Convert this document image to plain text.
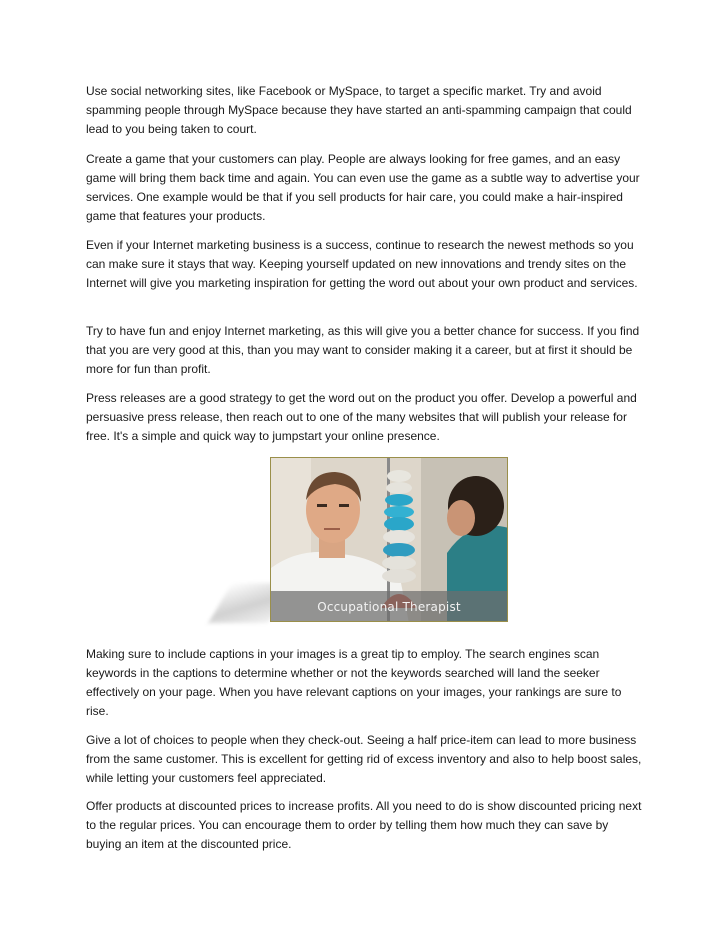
Use social networking sites, like Facebook or MySpace, to target a specific market. Try and avoid spamming people through MySpace because they have started an anti-spamming campaign that could lead to you being taken to court.

Create a game that your customers can play. People are always looking for free games, and an easy game will bring them back time and again. You can even use the game as a subtle way to advertise your services. One example would be that if you sell products for hair care, you could make a hair-inspired game that features your products.

Even if your Internet marketing business is a success, continue to research the newest methods so you can make sure it stays that way. Keeping yourself updated on new innovations and trendy sites on the Internet will give you marketing inspiration for getting the word out about your own product and services.

Try to have fun and enjoy Internet marketing, as this will give you a better chance for success. If you find that you are very good at this, than you may want to consider making it a career, but at first it should be more for fun than profit.

Press releases are a good strategy to get the word out on the product you offer. Develop a powerful and persuasive press release, then reach out to one of the many websites that will publish your release for free. It's a simple and quick way to jumpstart your online presence.

Occupational Therapist

Making sure to include captions in your images is a great tip to employ. The search engines scan keywords in the captions to determine whether or not the keywords searched will land the seeker effectively on your page. When you have relevant captions on your images, your rankings are sure to rise.

Give a lot of choices to people when they check-out. Seeing a half price-item can lead to more business from the same customer. This is excellent for getting rid of excess inventory and also to help boost sales, while letting your customers feel appreciated.

Offer products at discounted prices to increase profits. All you need to do is show discounted pricing next to the regular prices. You can encourage them to order by telling them how much they can save by buying an item at the discounted price.
